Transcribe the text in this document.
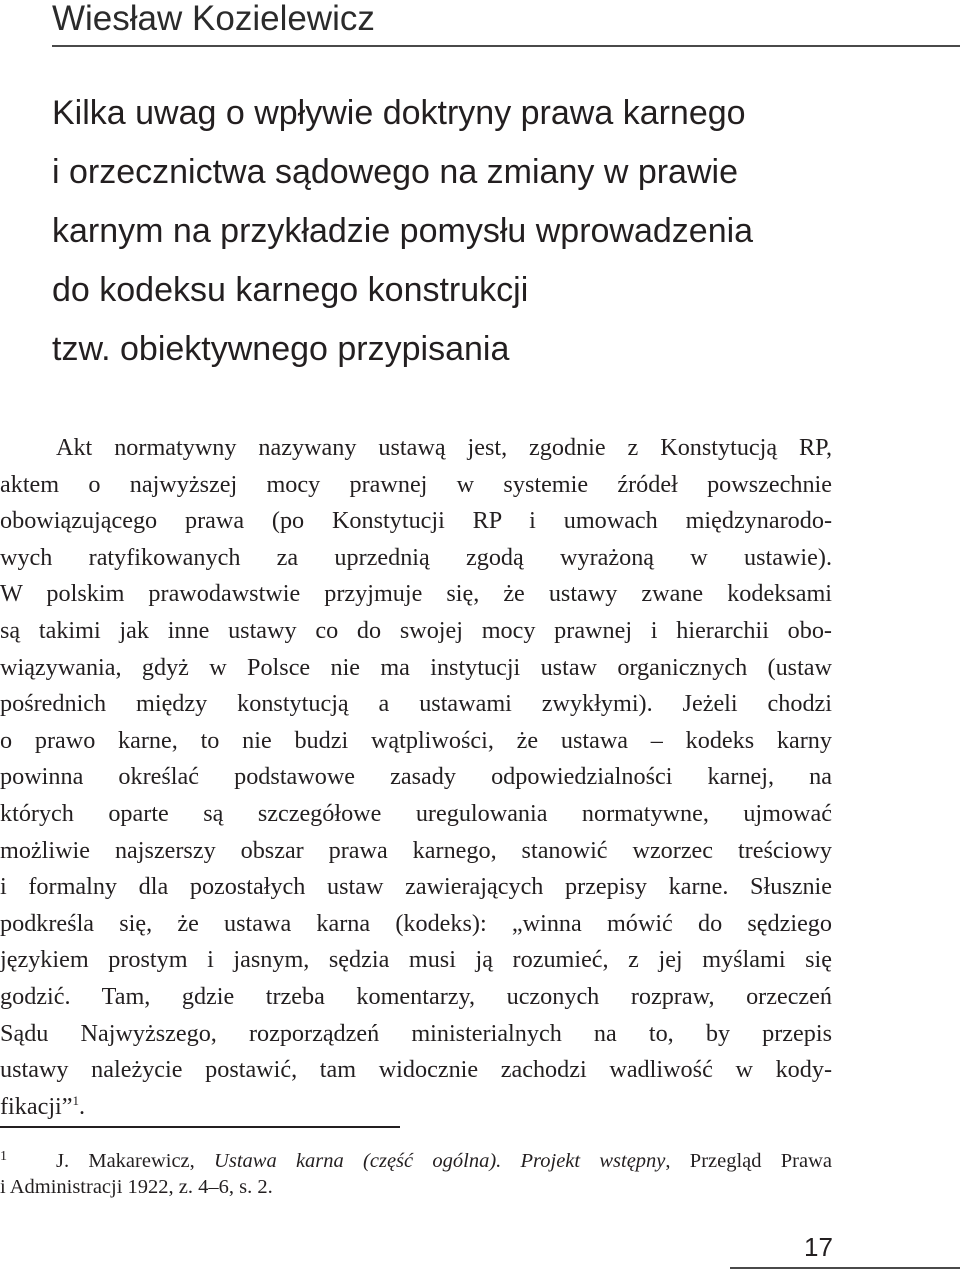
Wiesław Kozielewicz
Kilka uwag o wpływie doktryny prawa karnego
i orzecznictwa sądowego na zmiany w prawie
karnym na przykładzie pomysłu wprowadzenia
do kodeksu karnego konstrukcji
tzw. obiektywnego przypisania
Akt normatywny nazywany ustawą jest, zgodnie z Konstytucją RP,
aktem o najwyższej mocy prawnej w systemie źródeł powszechnie
obowiązującego prawa (po Konstytucji RP i umowach międzynarodo-
wych ratyfikowanych za uprzednią zgodą wyrażoną w ustawie).
W polskim prawodawstwie przyjmuje się, że ustawy zwane kodeksami
są takimi jak inne ustawy co do swojej mocy prawnej i hierarchii obo-
wiązywania, gdyż w Polsce nie ma instytucji ustaw organicznych (ustaw
pośrednich między konstytucją a ustawami zwykłymi). Jeżeli chodzi
o prawo karne, to nie budzi wątpliwości, że ustawa – kodeks karny
powinna określać podstawowe zasady odpowiedzialności karnej, na
których oparte są szczegółowe uregulowania normatywne, ujmować
możliwie najszerszy obszar prawa karnego, stanowić wzorzec treściowy
i formalny dla pozostałych ustaw zawierających przepisy karne. Słusznie
podkreśla się, że ustawa karna (kodeks): „winna mówić do sędziego
językiem prostym i jasnym, sędzia musi ją rozumieć, z jej myślami się
godzić. Tam, gdzie trzeba komentarzy, uczonych rozpraw, orzeczeń
Sądu Najwyższego, rozporządzeń ministerialnych na to, by przepis
ustawy należycie postawić, tam widocznie zachodzi wadliwość w kody-
fikacji”$^1$.
1 J. Makarewicz, Ustawa karna (część ogólna). Projekt wstępny, Przegląd Prawa
i Administracji 1922, z. 4–6, s. 2.
17
